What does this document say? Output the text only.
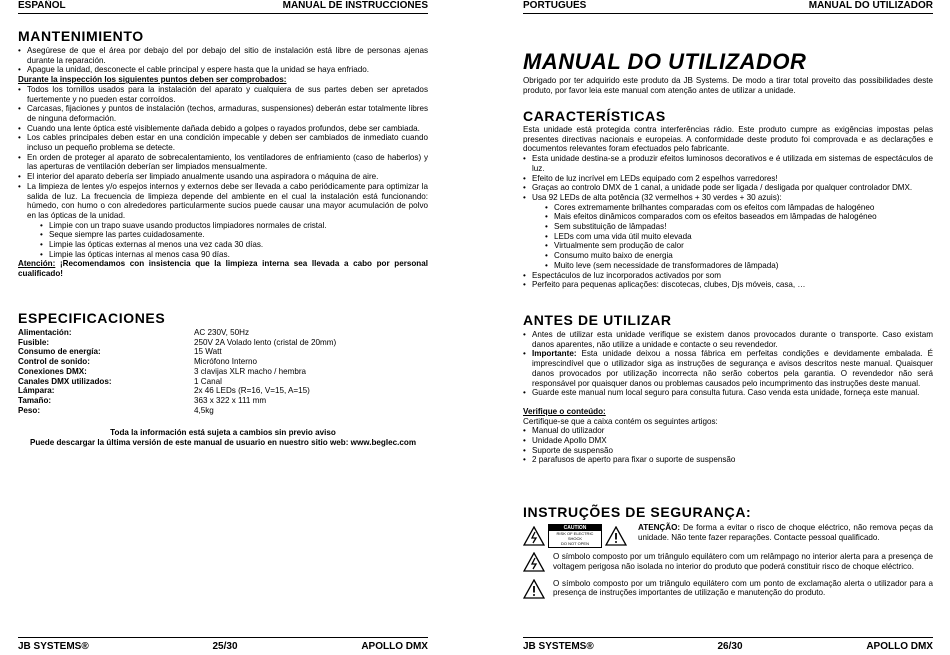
ESPAÑOL	MANUAL DE INSTRUCCIONES
MANTENIMIENTO
• Asegúrese de que el área por debajo del por debajo del sitio de instalación está libre de personas ajenas durante la reparación.
• Apague la unidad, desconecte el cable principal y espere hasta que la unidad se haya enfriado.
Durante la inspección los siguientes puntos deben ser comprobados:
• Todos los tornillos usados para la instalación del aparato y cualquiera de sus partes deben ser apretados fuertemente y no pueden estar corroídos.
• Carcasas, fijaciones y puntos de instalación (techos, armaduras, suspensiones) deberán estar totalmente libres de ninguna deformación.
• Cuando una lente óptica esté visiblemente dañada debido a golpes o rayados profundos, debe ser cambiada.
• Los cables principales deben estar en una condición impecable y deben ser cambiados de inmediato cuando incluso un pequeño problema se detecte.
• En orden de proteger al aparato de sobrecalentamiento, los ventiladores de enfriamiento (caso de haberlos) y las aperturas de ventilación deberían ser limpiados mensualmente.
• El interior del aparato debería ser limpiado anualmente usando una aspiradora o máquina de aire.
• La limpieza de lentes y/o espejos internos y externos debe ser llevada a cabo periódicamente para optimizar la salida de luz. La frecuencia de limpieza depende del ambiente en el cual la instalación está funcionando: húmedo, con humo o con alrededores particularmente sucios puede causar una mayor acumulación de polvo en las ópticas de la unidad.
• Limpie con un trapo suave usando productos limpiadores normales de cristal.
• Seque siempre las partes cuidadosamente.
• Limpie las ópticas externas al menos una vez cada 30 días.
• Limpie las ópticas internas al menos casa 90 días.

Atención: ¡Recomendamos con insistencia que la limpieza interna sea llevada a cabo por personal cualificado!

ESPECIFICACIONES
Alimentación:	AC 230V, 50Hz
Fusible:	250V 2A Volado lento (cristal de 20mm)
Consumo de energía:	15 Watt
Control de sonido:	Micrófono Interno
Conexiones DMX:	3 clavijas XLR macho / hembra
Canales DMX utilizados:	1 Canal
Lámpara:	2x 46 LEDs (R=16, V=15, A=15)
Tamaño:	363 x 322 x 111 mm
Peso:	4,5kg
Toda la información está sujeta a cambios sin previo aviso
Puede descargar la última versión de este manual de usuario en nuestro sitio web: www.beglec.com
JB SYSTEMS®	25/30	APOLLO DMX
PORTUGUÊS	MANUAL DO UTILIZADOR
MANUAL DO UTILIZADOR

Obrigado por ter adquirido este produto da JB Systems. De modo a tirar total proveito das possibilidades deste produto, por favor leia este manual com atenção antes de utilizar a unidade.

CARACTERÍSTICAS

Esta unidade está protegida contra interferências rádio. Este produto cumpre as exigências impostas pelas presentes directivas nacionais e europeias. A conformidade deste produto foi comprovada e as declarações e documentos relevantes foram efectuados pelo fabricante.

• Esta unidade destina-se a produzir efeitos luminosos decorativos e é utilizada em sistemas de espectáculos de luz.
• Efeito de luz incrível em LEDs equipado com 2 espelhos varredores!
• Graças ao controlo DMX de 1 canal, a unidade pode ser ligada / desligada por qualquer controlador DMX.
• Usa 92 LEDs de alta potência (32 vermelhos + 30 verdes + 30 azuis):
• Cores extremamente brilhantes comparadas com os efeitos com lâmpadas de halogéneo
• Mais efeitos dinâmicos comparados com os efeitos baseados em lâmpadas de halogéneo
• Sem substituição de lâmpadas!
• LEDs com uma vida útil muito elevada
• Virtualmente sem produção de calor
• Consumo muito baixo de energia
• Muito leve (sem necessidade de transformadores de lâmpada)
• Espectáculos de luz incorporados activados por som
• Perfeito para pequenas aplicações: discotecas, clubes, Djs móveis, casa, …
ANTES DE UTILIZAR
• Antes de utilizar esta unidade verifique se existem danos provocados durante o transporte. Caso existam danos aparentes, não utilize a unidade e contacte o seu revendedor.
• Importante: Esta unidade deixou a nossa fábrica em perfeitas condições e devidamente embalada. É imprescindível que o utilizador siga as instruções de segurança e avisos descritos neste manual. Quaisquer danos provocados por utilização incorrecta não serão cobertos pela garantia. O revendedor não será responsável por quaisquer danos ou problemas causados pelo incumprimento das instruções deste manual.
• Guarde este manual num local seguro para consulta futura. Caso venda esta unidade, forneça este manual.
Verifique o conteúdo:

Certifique-se que a caixa contém os seguintes artigos:

• Manual do utilizador
• Unidade Apollo DMX
• Suporte de suspensão
• 2 parafusos de aperto para fixar o suporte de suspensão
INSTRUÇÕES DE SEGURANÇA:
CAUTION
RISK OF ELECTRIC SHOCK
DO NOT OPEN

ATENÇÃO: De forma a evitar o risco de choque eléctrico, não remova peças da unidade. Não tente fazer reparações. Contacte pessoal qualificado.

O símbolo composto por um triângulo equilátero com um relâmpago no interior alerta para a presença de voltagem perigosa não isolada no interior do produto que poderá constituir risco de choque eléctrico.

O símbolo composto por um triângulo equilátero com um ponto de exclamação alerta o utilizador para a presença de instruções importantes de utilização e manutenção do produto.

JB SYSTEMS®	26/30	APOLLO DMX
